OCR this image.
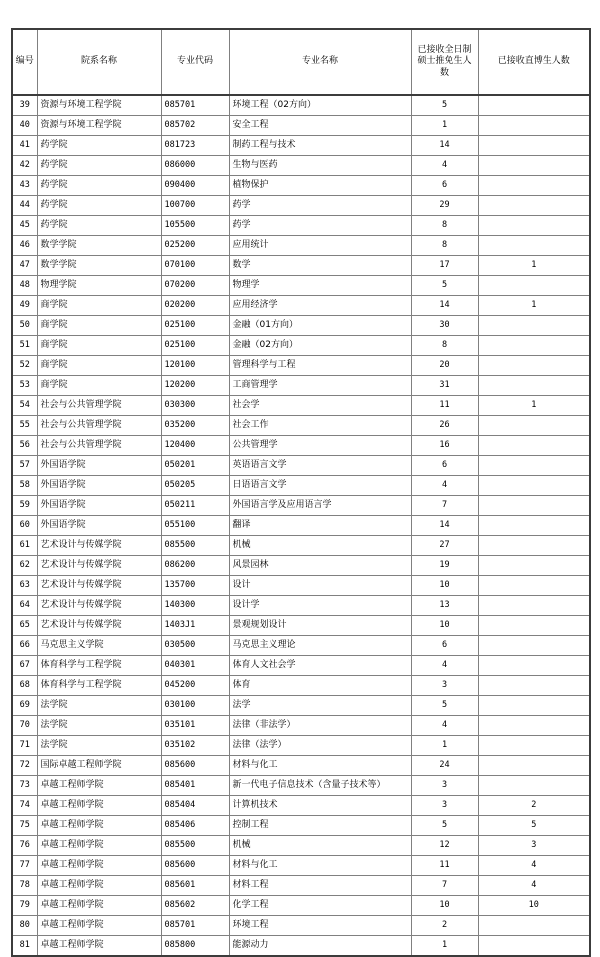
编号	院系名称	专业代码	专业名称	已接收全日制硕士推免生人数	已接收直博生人数

39	资源与环境工程学院	085701	环境工程（02方向）	5	
40	资源与环境工程学院	085702	安全工程	1	
41	药学院	081723	制药工程与技术	14	
42	药学院	086000	生物与医药	4	
43	药学院	090400	植物保护	6	
44	药学院	100700	药学	29	
45	药学院	105500	药学	8	
46	数学学院	025200	应用统计	8	
47	数学学院	070100	数学	17	1
48	物理学院	070200	物理学	5	
49	商学院	020200	应用经济学	14	1
50	商学院	025100	金融（01方向）	30	
51	商学院	025100	金融（02方向）	8	
52	商学院	120100	管理科学与工程	20	
53	商学院	120200	工商管理学	31	
54	社会与公共管理学院	030300	社会学	11	1
55	社会与公共管理学院	035200	社会工作	26	
56	社会与公共管理学院	120400	公共管理学	16	
57	外国语学院	050201	英语语言文学	6	
58	外国语学院	050205	日语语言文学	4	
59	外国语学院	050211	外国语言学及应用语言学	7	
60	外国语学院	055100	翻译	14	
61	艺术设计与传媒学院	085500	机械	27	
62	艺术设计与传媒学院	086200	风景园林	19	
63	艺术设计与传媒学院	135700	设计	10	
64	艺术设计与传媒学院	140300	设计学	13	
65	艺术设计与传媒学院	1403J1	景观规划设计	10	
66	马克思主义学院	030500	马克思主义理论	6	
67	体育科学与工程学院	040301	体育人文社会学	4	
68	体育科学与工程学院	045200	体育	3	
69	法学院	030100	法学	5	
70	法学院	035101	法律（非法学）	4	
71	法学院	035102	法律（法学）	1	
72	国际卓越工程师学院	085600	材料与化工	24	
73	卓越工程师学院	085401	新一代电子信息技术（含量子技术等）	3	
74	卓越工程师学院	085404	计算机技术	3	2
75	卓越工程师学院	085406	控制工程	5	5
76	卓越工程师学院	085500	机械	12	3
77	卓越工程师学院	085600	材料与化工	11	4
78	卓越工程师学院	085601	材料工程	7	4
79	卓越工程师学院	085602	化学工程	10	10
80	卓越工程师学院	085701	环境工程	2	
81	卓越工程师学院	085800	能源动力	1	
